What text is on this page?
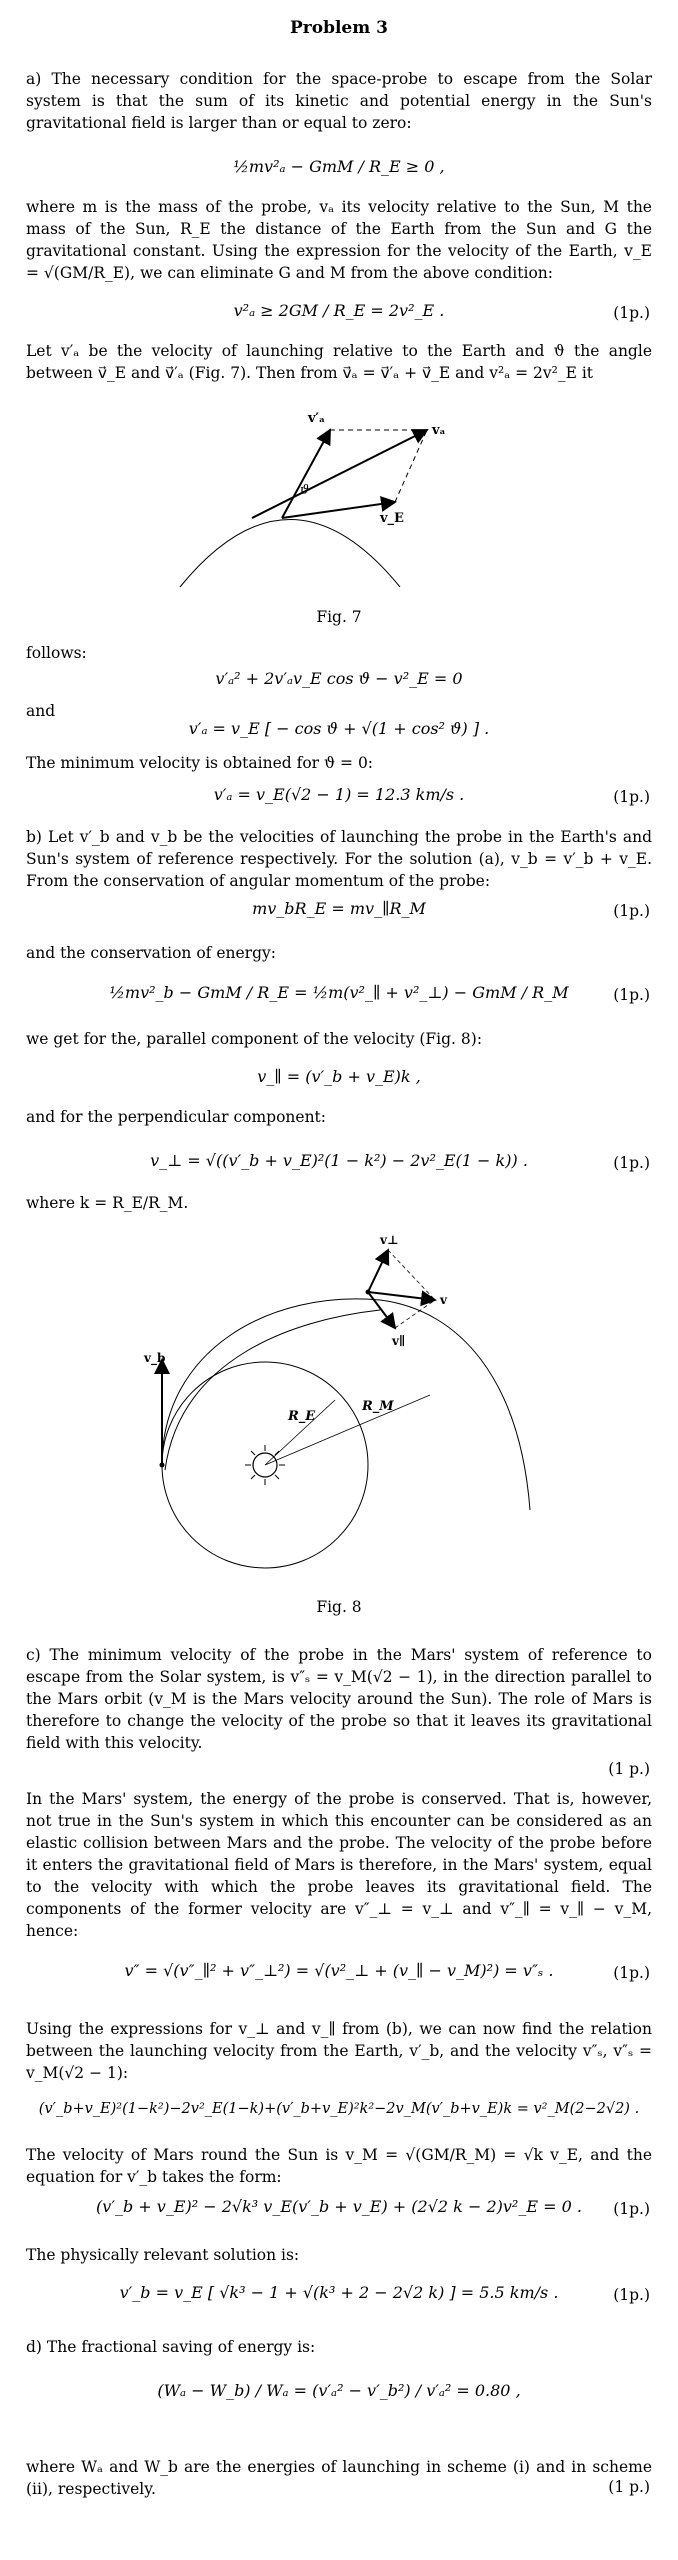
Problem 3
a) The necessary condition for the space-probe to escape from the Solar system is that the sum of its kinetic and potential energy in the Sun's gravitational field is larger than or equal to zero:
½mv²ₐ − GmM / R_E ≥ 0 ,
where m is the mass of the probe, vₐ its velocity relative to the Sun, M the mass of the Sun, R_E the distance of the Earth from the Sun and G the gravitational constant. Using the expression for the velocity of the Earth, v_E = √(GM/R_E), we can eliminate G and M from the above condition:
v²ₐ ≥ 2GM / R_E = 2v²_E .	(1p.)
Let v′ₐ be the velocity of launching relative to the Earth and ϑ the angle between v⃗_E and v⃗′ₐ (Fig. 7). Then from v⃗ₐ = v⃗′ₐ + v⃗_E and v²ₐ = 2v²_E it
v′ₐ
vₐ
v_E
ϑ
Fig. 7
follows:
v′ₐ² + 2v′ₐv_E cos ϑ − v²_E = 0
and
v′ₐ = v_E [ − cos ϑ + √(1 + cos² ϑ) ] .
The minimum velocity is obtained for ϑ = 0:
v′ₐ = v_E(√2 − 1) = 12.3 km/s .	(1p.)
b) Let v′_b and v_b be the velocities of launching the probe in the Earth's and Sun's system of reference respectively. For the solution (a), v_b = v′_b + v_E. From the conservation of angular momentum of the probe:
mv_bR_E = mv_∥R_M	(1p.)
and the conservation of energy:
½mv²_b − GmM / R_E = ½m(v²_∥ + v²_⊥) − GmM / R_M	(1p.)
we get for the, parallel component of the velocity (Fig. 8):
v_∥ = (v′_b + v_E)k ,
and for the perpendicular component:
v_⊥ = √((v′_b + v_E)²(1 − k²) − 2v²_E(1 − k)) .	(1p.)
where k = R_E/R_M.
v_b
R_E
R_M
v⊥
v
v∥
Fig. 8
c) The minimum velocity of the probe in the Mars' system of reference to escape from the Solar system, is v″ₛ = v_M(√2 − 1), in the direction parallel to the Mars orbit (v_M is the Mars velocity around the Sun). The role of Mars is therefore to change the velocity of the probe so that it leaves its gravitational field with this velocity.
(1 p.)
In the Mars' system, the energy of the probe is conserved. That is, however, not true in the Sun's system in which this encounter can be considered as an elastic collision between Mars and the probe. The velocity of the probe before it enters the gravitational field of Mars is therefore, in the Mars' system, equal to the velocity with which the probe leaves its gravitational field. The components of the former velocity are v″_⊥ = v_⊥ and v″_∥ = v_∥ − v_M, hence:
v″ = √(v″_∥² + v″_⊥²) = √(v²_⊥ + (v_∥ − v_M)²) = v″ₛ .	(1p.)
Using the expressions for v_⊥ and v_∥ from (b), we can now find the relation between the launching velocity from the Earth, v′_b, and the velocity v″ₛ, v″ₛ = v_M(√2 − 1):
(v′_b+v_E)²(1−k²)−2v²_E(1−k)+(v′_b+v_E)²k²−2v_M(v′_b+v_E)k = v²_M(2−2√2) .
The velocity of Mars round the Sun is v_M = √(GM/R_M) = √k v_E, and the equation for v′_b takes the form:
(v′_b + v_E)² − 2√k³ v_E(v′_b + v_E) + (2√2 k − 2)v²_E = 0 .	(1p.)
The physically relevant solution is:
v′_b = v_E [ √k³ − 1 + √(k³ + 2 − 2√2 k) ] = 5.5 km/s .	(1p.)
d) The fractional saving of energy is:
(Wₐ − W_b) / Wₐ = (v′ₐ² − v′_b²) / v′ₐ² = 0.80 ,
where Wₐ and W_b are the energies of launching in scheme (i) and in scheme (ii), respectively.	(1 p.)
